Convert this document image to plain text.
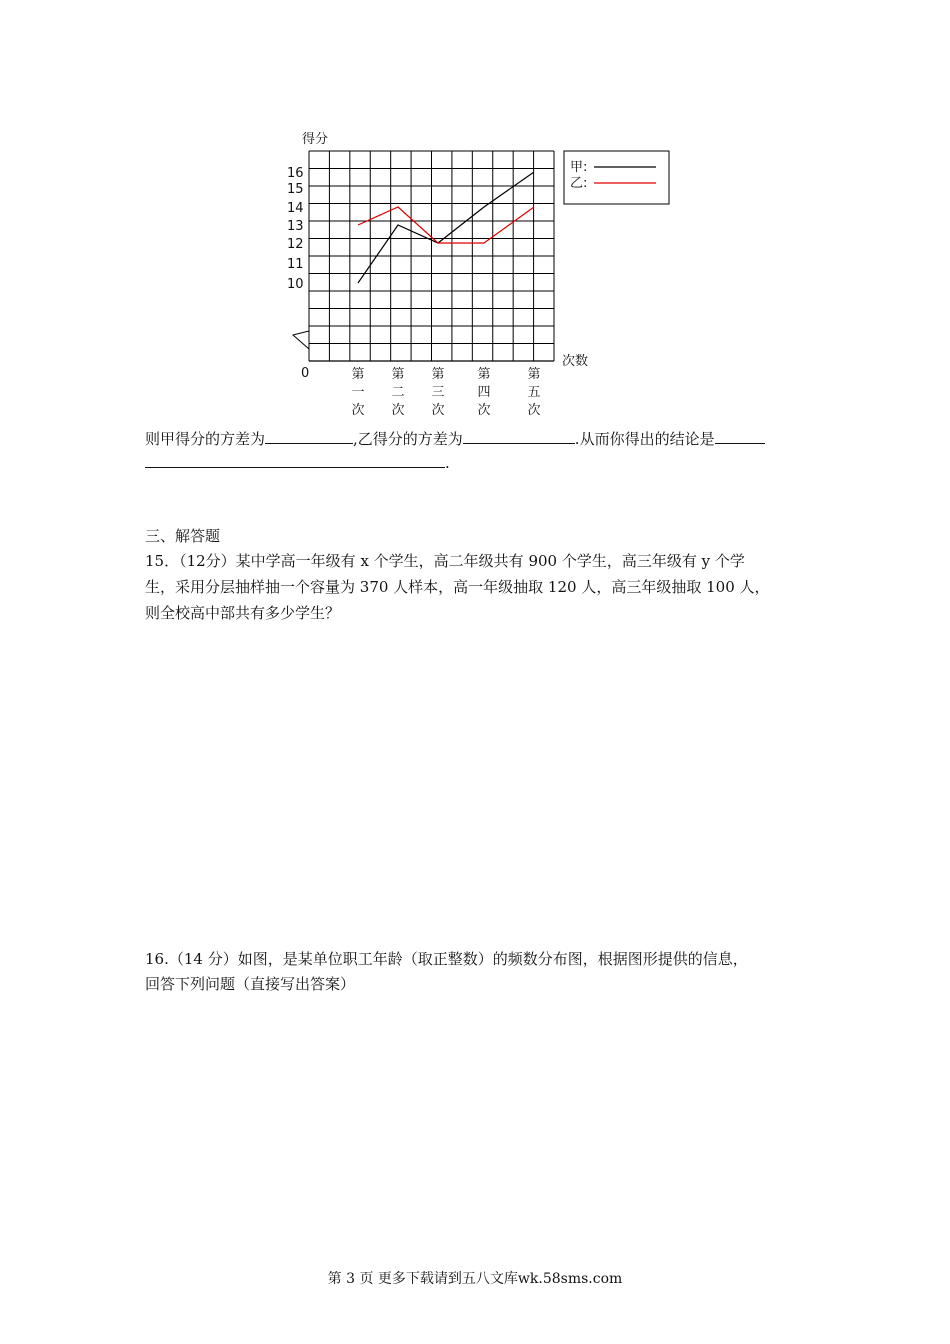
得分
次数
0
10
11
12
13
14
15
16
第
一
次
第
二
次
第
三
次
第
四
次
第
五
次
甲:
乙:
则甲得分的方差为	,乙得分的方差为	.从而你得出的结论是
.
三、解答题
15．（12分）某中学高一年级有 x 个学生，高二年级共有 900 个学生，高三年级有 y 个学
生，采用分层抽样抽一个容量为 370 人样本，高一年级抽取 120 人，高三年级抽取 100 人，
则全校高中部共有多少学生？
16.（14 分）如图，是某单位职工年龄（取正整数）的频数分布图，根据图形提供的信息，
回答下列问题（直接写出答案）
第 3 页 更多下载请到五八文库wk.58sms.com
